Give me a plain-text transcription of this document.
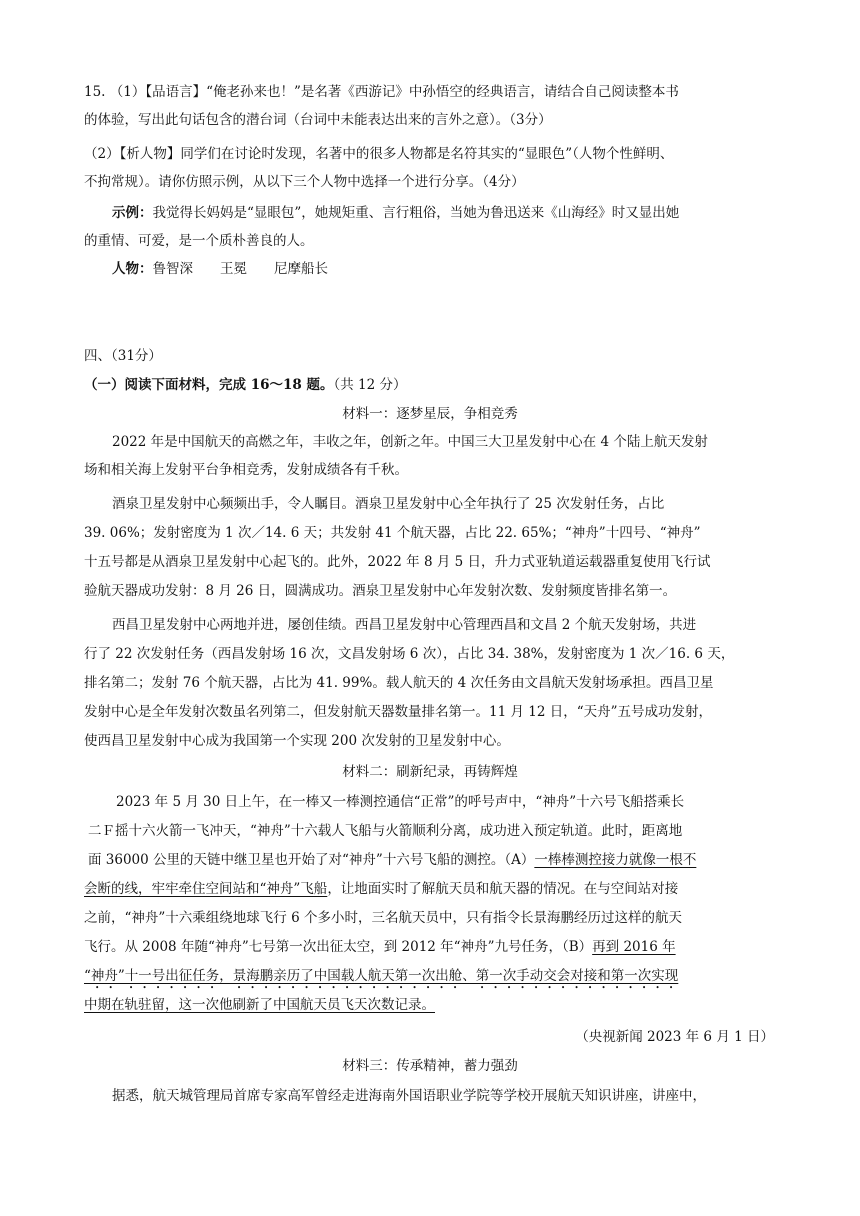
15. （1）【品语言】“俺老孙来也！”是名著《西游记》中孙悟空的经典语言，请结合自己阅读整本书
的体验，写出此句话包含的潜台词（台词中未能表达出来的言外之意）。（3分）
（2）【析人物】同学们在讨论时发现，名著中的很多人物都是名符其实的“显眼色”（人物个性鲜明、
不拘常规）。请你仿照示例，从以下三个人物中选择一个进行分享。（4分）
示例：我觉得长妈妈是“显眼包”，她规矩重、言行粗俗，当她为鲁迅送来《山海经》时又显出她
的重情、可爱，是一个质朴善良的人。
人物：鲁智深　　王冕　　尼摩船长
四、（31分）
（一）阅读下面材料，完成 16～18 题。（共 12 分）
材料一：逐梦星辰，争相竞秀
2022 年是中国航天的高燃之年，丰收之年，创新之年。中国三大卫星发射中心在 4 个陆上航天发射
场和相关海上发射平台争相竞秀，发射成绩各有千秋。
酒泉卫星发射中心频频出手，令人瞩目。酒泉卫星发射中心全年执行了 25 次发射任务，占比
39. 06%；发射密度为 1 次／14. 6 天；共发射 41 个航天器，占比 22. 65%；“神舟”十四号、“神舟”
十五号都是从酒泉卫星发射中心起飞的。此外，2022 年 8 月 5 日，升力式亚轨道运载器重复使用飞行试
验航天器成功发射：8 月 26 日，圆满成功。酒泉卫星发射中心年发射次数、发射频度皆排名第一。
西昌卫星发射中心两地并进，屡创佳绩。西昌卫星发射中心管理西昌和文昌 2 个航天发射场，共进
行了 22 次发射任务（西昌发射场 16 次，文昌发射场 6 次），占比 34. 38%，发射密度为 1 次／16. 6 天，
排名第二；发射 76 个航天器，占比为 41. 99%。载人航天的 4 次任务由文昌航天发射场承担。西昌卫星
发射中心是全年发射次数虽名列第二，但发射航天器数量排名第一。11 月 12 日，“天舟”五号成功发射，
使西昌卫星发射中心成为我国第一个实现 200 次发射的卫星发射中心。
材料二：刷新纪录，再铸辉煌
2023 年 5 月 30 日上午，在一棒又一棒测控通信“正常”的呼号声中，“神舟”十六号飞船搭乘长
二Ｆ摇十六火箭一飞冲天，“神舟”十六载人飞船与火箭顺利分离，成功进入预定轨道。此时，距离地
面 36000 公里的天链中继卫星也开始了对“神舟”十六号飞船的测控。（A）一棒棒测控接力就像一根不
会断的线，牢牢牵住空间站和“神舟”飞船，让地面实时了解航天员和航天器的情况。在与空间站对接
之前，“神舟”十六乘组绕地球飞行 6 个多小时，三名航天员中，只有指令长景海鹏经历过这样的航天
飞行。从 2008 年随“神舟”七号第一次出征太空，到 2012 年“神舟”九号任务，（B）再到 2016 年
“神舟”十一号出征任务，景海鹏亲历了中国载人航天第一次出舱、第一次手动交会对接和第一次实现
中期在轨驻留，这一次他刷新了中国航天员飞天次数记录。
（央视新闻 2023 年 6 月 1 日）
材料三：传承精神，蓄力强劲
据悉，航天城管理局首席专家高军曾经走进海南外国语职业学院等学校开展航天知识讲座，讲座中，
